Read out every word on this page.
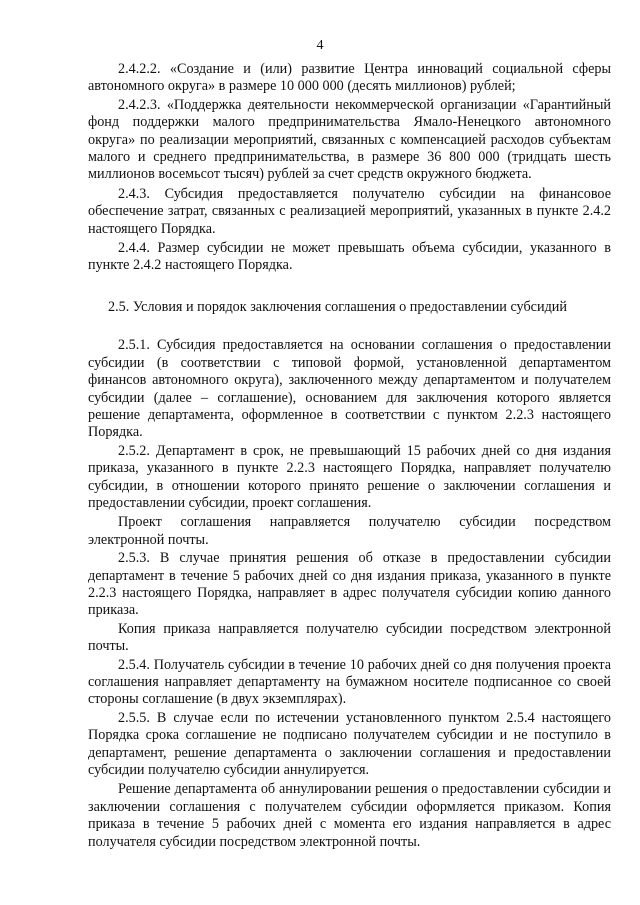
4

2.4.2.2. «Создание и (или) развитие Центра инноваций социальной сферы автономного округа» в размере 10 000 000 (десять миллионов) рублей;

2.4.2.3. «Поддержка деятельности некоммерческой организации «Гарантийный фонд поддержки малого предпринимательства Ямало-Ненецкого автономного округа» по реализации мероприятий, связанных с компенсацией расходов субъектам малого и среднего предпринимательства, в размере 36 800 000 (тридцать шесть миллионов восемьсот тысяч) рублей за счет средств окружного бюджета.

2.4.3. Субсидия предоставляется получателю субсидии на финансовое обеспечение затрат, связанных с реализацией мероприятий, указанных в пункте 2.4.2 настоящего Порядка.

2.4.4. Размер субсидии не может превышать объема субсидии, указанного в пункте 2.4.2 настоящего Порядка.

2.5. Условия и порядок заключения соглашения о предоставлении субсидий

2.5.1. Субсидия предоставляется на основании соглашения о предоставлении субсидии (в соответствии с типовой формой, установленной департаментом финансов автономного округа), заключенного между департаментом и получателем субсидии (далее – соглашение), основанием для заключения которого является решение департамента, оформленное в соответствии с пунктом 2.2.3 настоящего Порядка.

2.5.2. Департамент в срок, не превышающий 15 рабочих дней со дня издания приказа, указанного в пункте 2.2.3 настоящего Порядка, направляет получателю субсидии, в отношении которого принято решение о заключении соглашения и предоставлении субсидии, проект соглашения.

Проект соглашения направляется получателю субсидии посредством электронной почты.

2.5.3. В случае принятия решения об отказе в предоставлении субсидии департамент в течение 5 рабочих дней со дня издания приказа, указанного в пункте 2.2.3 настоящего Порядка, направляет в адрес получателя субсидии копию данного приказа.

Копия приказа направляется получателю субсидии посредством электронной почты.

2.5.4. Получатель субсидии в течение 10 рабочих дней со дня получения проекта соглашения направляет департаменту на бумажном носителе подписанное со своей стороны соглашение (в двух экземплярах).

2.5.5. В случае если по истечении установленного пунктом 2.5.4 настоящего Порядка срока соглашение не подписано получателем субсидии и не поступило в департамент, решение департамента о заключении соглашения и предоставлении субсидии получателю субсидии аннулируется.

Решение департамента об аннулировании решения о предоставлении субсидии и заключении соглашения с получателем субсидии оформляется приказом. Копия приказа в течение 5 рабочих дней с момента его издания направляется в адрес получателя субсидии посредством электронной почты.
